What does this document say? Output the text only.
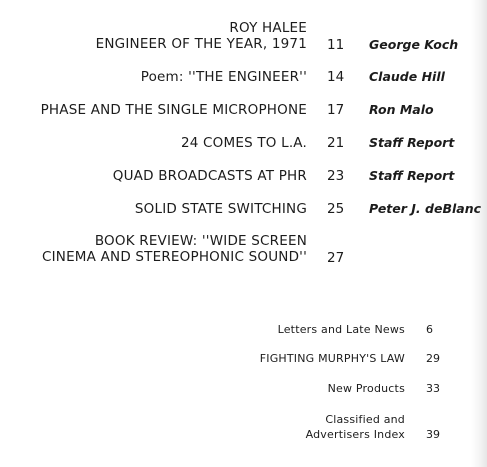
ROY HALEE
ENGINEER OF THE YEAR, 1971 11 George Koch
Poem: ''THE ENGINEER'' 14 Claude Hill
PHASE AND THE SINGLE MICROPHONE 17 Ron Malo
24 COMES TO L.A. 21 Staff Report
QUAD BROADCASTS AT PHR 23 Staff Report
SOLID STATE SWITCHING 25 Peter J. deBlanc
BOOK REVIEW: ''WIDE SCREEN
CINEMA AND STEREOPHONIC SOUND'' 27
Letters and Late News 6
FIGHTING MURPHY'S LAW 29
New Products 33
Classified and
Advertisers Index 39
